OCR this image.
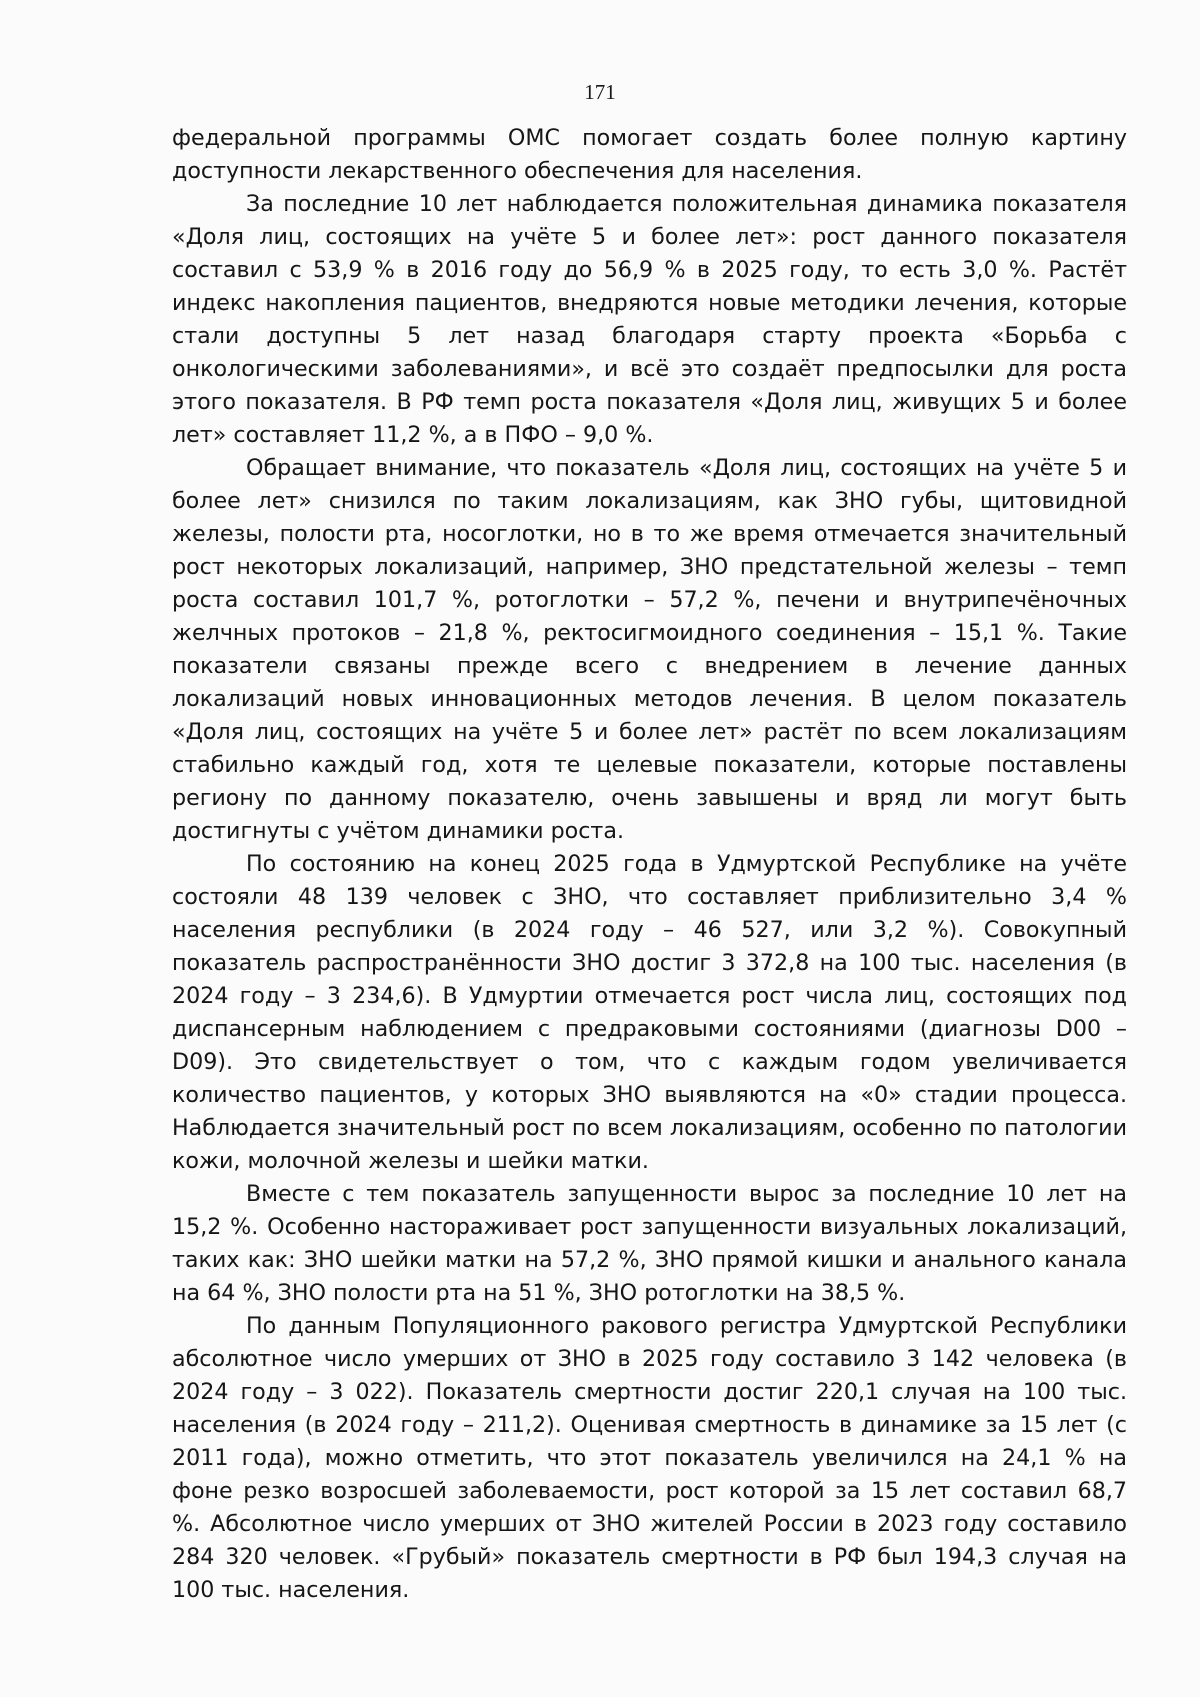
171

федеральной программы ОМС помогает создать более полную картину доступности лекарственного обеспечения для населения.

За последние 10 лет наблюдается положительная динамика показателя «Доля лиц, состоящих на учёте 5 и более лет»: рост данного показателя составил с 53,9 % в 2016 году до 56,9 % в 2025 году, то есть 3,0 %. Растёт индекс накопления пациентов, внедряются новые методики лечения, которые стали доступны 5 лет назад благодаря старту проекта «Борьба с онкологическими заболеваниями», и всё это создаёт предпосылки для роста этого показателя. В РФ темп роста показателя «Доля лиц, живущих 5 и более лет» составляет 11,2 %, а в ПФО – 9,0 %.

Обращает внимание, что показатель «Доля лиц, состоящих на учёте 5 и более лет» снизился по таким локализациям, как ЗНО губы, щитовидной железы, полости рта, носоглотки, но в то же время отмечается значительный рост некоторых локализаций, например, ЗНО предстательной железы – темп роста составил 101,7 %, ротоглотки – 57,2 %, печени и внутрипечёночных желчных протоков – 21,8 %, ректосигмоидного соединения – 15,1 %. Такие показатели связаны прежде всего с внедрением в лечение данных локализаций новых инновационных методов лечения. В целом показатель «Доля лиц, состоящих на учёте 5 и более лет» растёт по всем локализациям стабильно каждый год, хотя те целевые показатели, которые поставлены региону по данному показателю, очень завышены и вряд ли могут быть достигнуты с учётом динамики роста.

По состоянию на конец 2025 года в Удмуртской Республике на учёте состояли 48 139 человек с ЗНО, что составляет приблизительно 3,4 % населения республики (в 2024 году – 46 527, или 3,2 %). Совокупный показатель распространённости ЗНО достиг 3 372,8 на 100 тыс. населения (в 2024 году – 3 234,6). В Удмуртии отмечается рост числа лиц, состоящих под диспансерным наблюдением с предраковыми состояниями (диагнозы D00 – D09). Это свидетельствует о том, что с каждым годом увеличивается количество пациентов, у которых ЗНО выявляются на «0» стадии процесса. Наблюдается значительный рост по всем локализациям, особенно по патологии кожи, молочной железы и шейки матки.

Вместе с тем показатель запущенности вырос за последние 10 лет на 15,2 %. Особенно настораживает рост запущенности визуальных локализаций, таких как: ЗНО шейки матки на 57,2 %, ЗНО прямой кишки и анального канала на 64 %, ЗНО полости рта на 51 %, ЗНО ротоглотки на 38,5 %.

По данным Популяционного ракового регистра Удмуртской Республики абсолютное число умерших от ЗНО в 2025 году составило 3 142 человека (в 2024 году – 3 022). Показатель смертности достиг 220,1 случая на 100 тыс. населения (в 2024 году – 211,2). Оценивая смертность в динамике за 15 лет (с 2011 года), можно отметить, что этот показатель увеличился на 24,1 % на фоне резко возросшей заболеваемости, рост которой за 15 лет составил 68,7 %. Абсолютное число умерших от ЗНО жителей России в 2023 году составило 284 320 человек. «Грубый» показатель смертности в РФ был 194,3 случая на 100 тыс. населения.
